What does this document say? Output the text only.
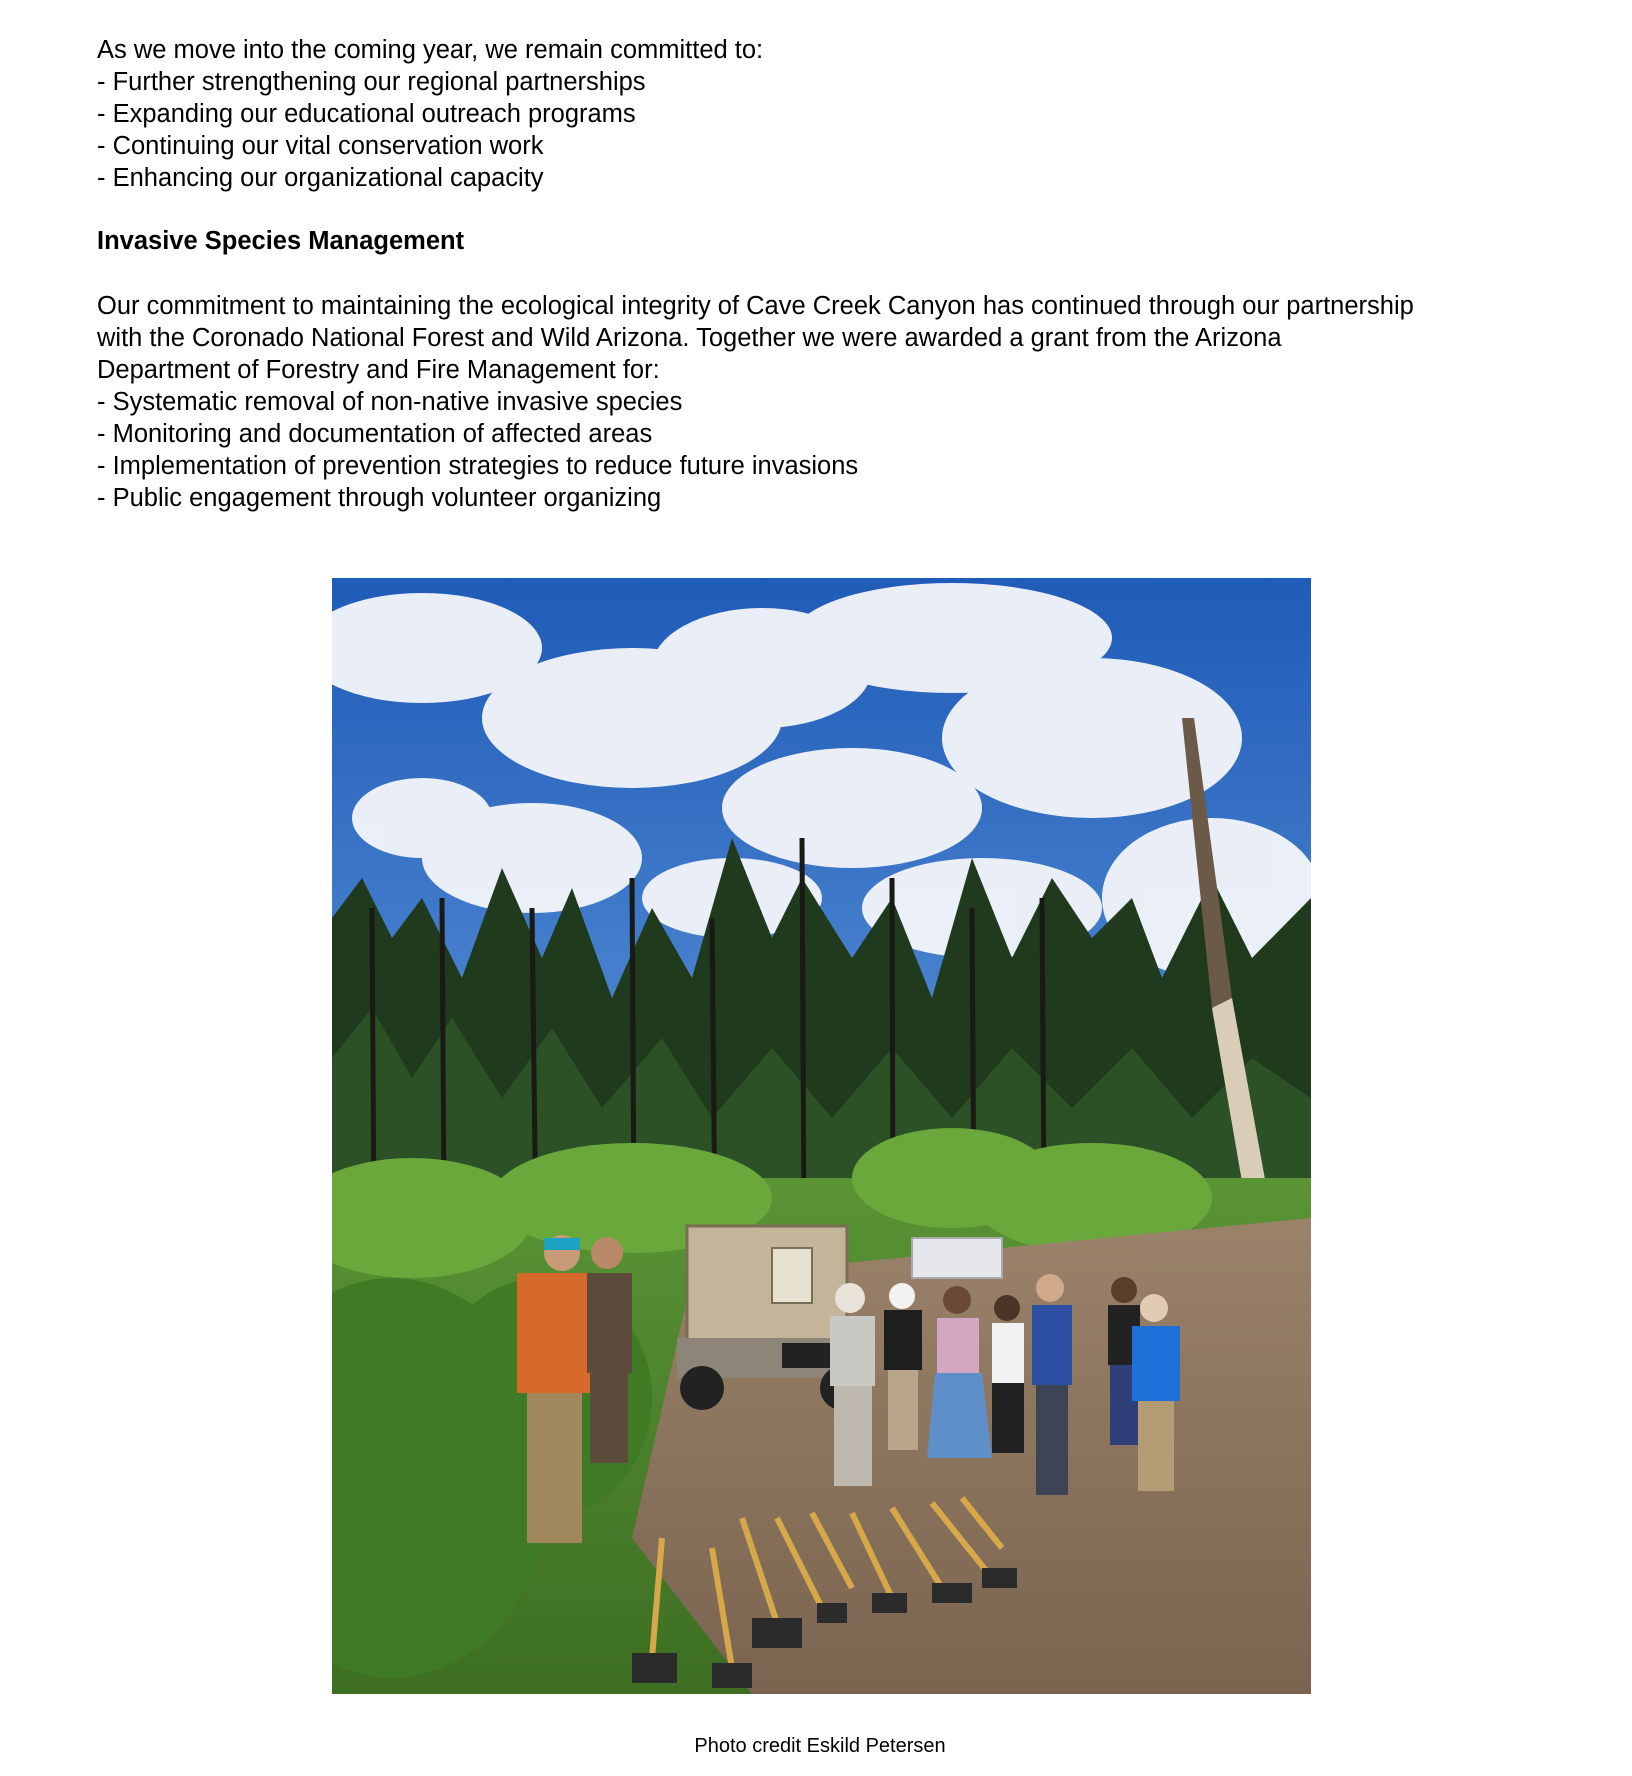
As we move into the coming year, we remain committed to:
- Further strengthening our regional partnerships
- Expanding our educational outreach programs
- Continuing our vital conservation work
- Enhancing our organizational capacity
Invasive Species Management
Our commitment to maintaining the ecological integrity of Cave Creek Canyon has continued through our partnership
with the Coronado National Forest and Wild Arizona. Together we were awarded a grant from the Arizona
Department of Forestry and Fire Management for:
- Systematic removal of non-native invasive species
- Monitoring and documentation of affected areas
- Implementation of prevention strategies to reduce future invasions
- Public engagement through volunteer organizing

Photo credit Eskild Petersen
